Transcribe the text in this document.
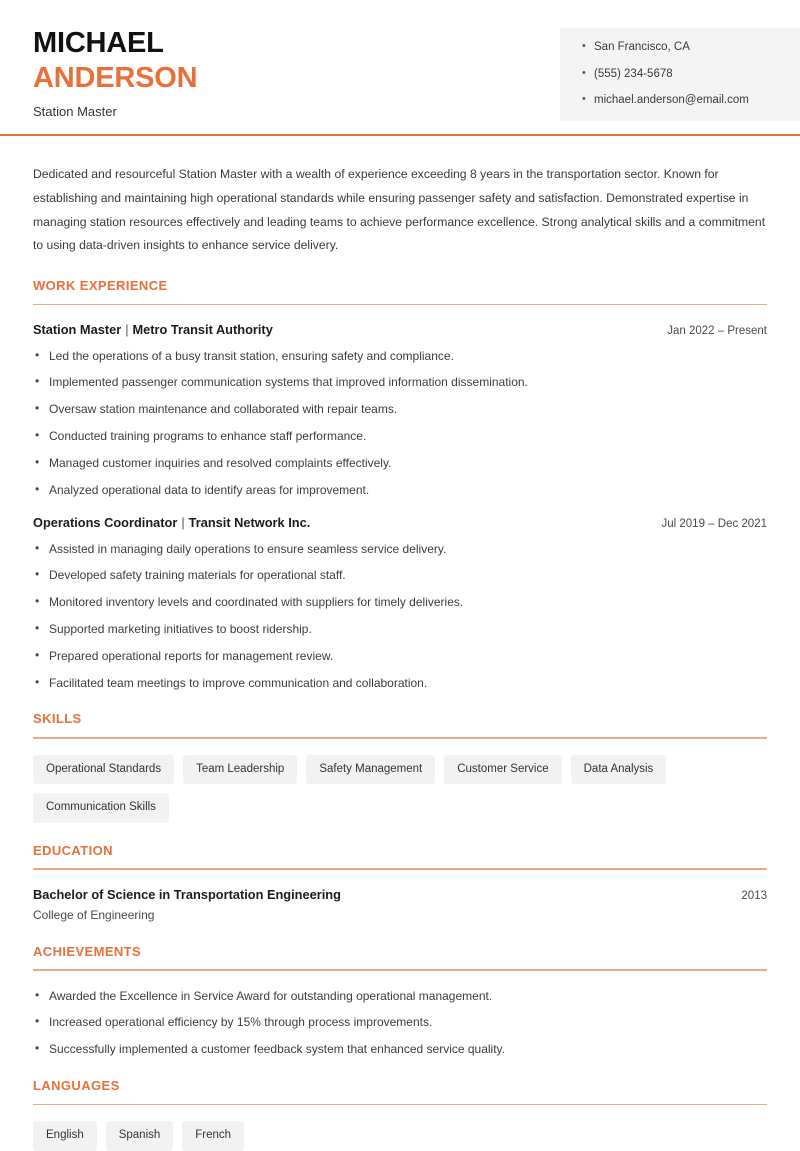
MICHAEL
ANDERSON
Station Master
• San Francisco, CA
• (555) 234-5678
• michael.anderson@email.com

Dedicated and resourceful Station Master with a wealth of experience exceeding 8 years in the transportation sector. Known for establishing and maintaining high operational standards while ensuring passenger safety and satisfaction. Demonstrated expertise in managing station resources effectively and leading teams to achieve performance excellence. Strong analytical skills and a commitment to using data-driven insights to enhance service delivery.

WORK EXPERIENCE
Station Master | Metro Transit Authority	Jan 2022 – Present
• Led the operations of a busy transit station, ensuring safety and compliance.
• Implemented passenger communication systems that improved information dissemination.
• Oversaw station maintenance and collaborated with repair teams.
• Conducted training programs to enhance staff performance.
• Managed customer inquiries and resolved complaints effectively.
• Analyzed operational data to identify areas for improvement.
Operations Coordinator | Transit Network Inc.	Jul 2019 – Dec 2021
• Assisted in managing daily operations to ensure seamless service delivery.
• Developed safety training materials for operational staff.
• Monitored inventory levels and coordinated with suppliers for timely deliveries.
• Supported marketing initiatives to boost ridership.
• Prepared operational reports for management review.
• Facilitated team meetings to improve communication and collaboration.
SKILLS
Operational Standards	Team Leadership	Safety Management	Customer Service	Data Analysis
Communication Skills
EDUCATION
Bachelor of Science in Transportation Engineering	2013
College of Engineering
ACHIEVEMENTS
• Awarded the Excellence in Service Award for outstanding operational management.
• Increased operational efficiency by 15% through process improvements.
• Successfully implemented a customer feedback system that enhanced service quality.
LANGUAGES
English	Spanish	French
